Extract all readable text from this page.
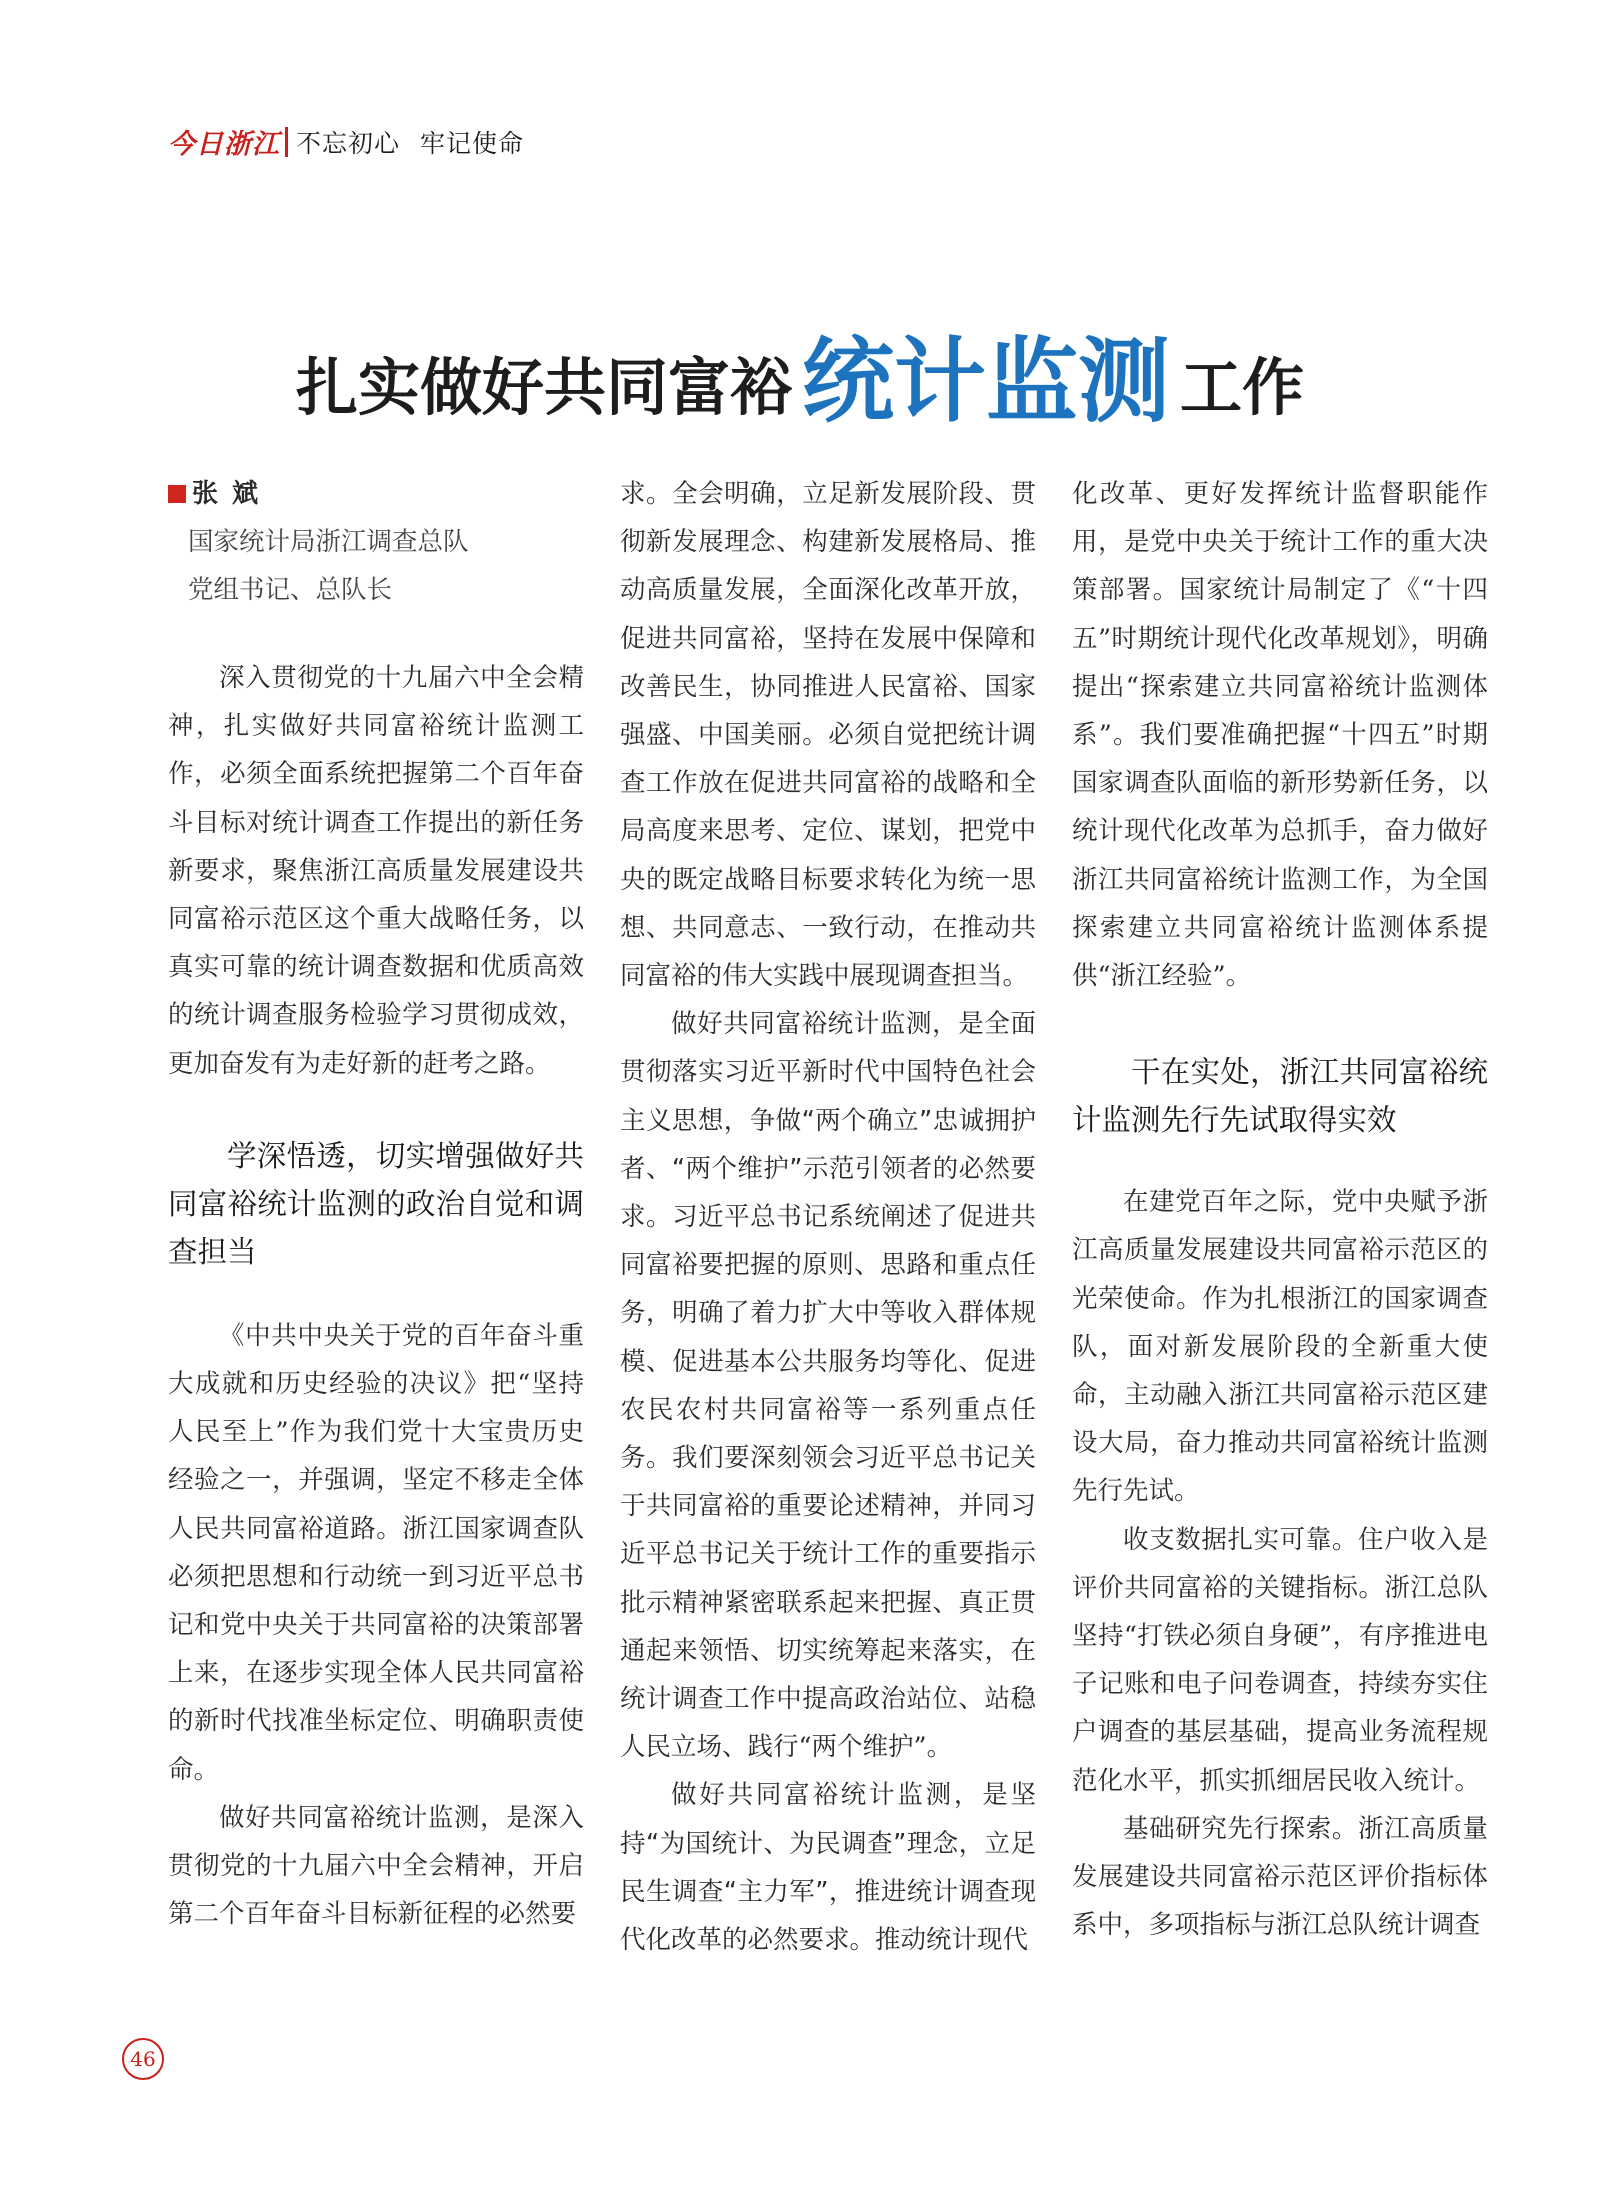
今日浙江 不忘初心 牢记使命
扎实做好共同富裕 统计监测 工作
张斌
国家统计局浙江调查总队
党组书记、总队长

深入贯彻党的十九届六中全会精神，扎实做好共同富裕统计监测工作，必须全面系统把握第二个百年奋斗目标对统计调查工作提出的新任务新要求，聚焦浙江高质量发展建设共同富裕示范区这个重大战略任务，以真实可靠的统计调查数据和优质高效的统计调查服务检验学习贯彻成效，更加奋发有为走好新的赶考之路。

学深悟透，切实增强做好共同富裕统计监测的政治自觉和调查担当

《中共中央关于党的百年奋斗重大成就和历史经验的决议》把“坚持人民至上”作为我们党十大宝贵历史经验之一，并强调，坚定不移走全体人民共同富裕道路。浙江国家调查队必须把思想和行动统一到习近平总书记和党中央关于共同富裕的决策部署上来，在逐步实现全体人民共同富裕的新时代找准坐标定位、明确职责使命。

做好共同富裕统计监测，是深入贯彻党的十九届六中全会精神，开启第二个百年奋斗目标新征程的必然要

求。全会明确，立足新发展阶段、贯彻新发展理念、构建新发展格局、推动高质量发展，全面深化改革开放，促进共同富裕，坚持在发展中保障和改善民生，协同推进人民富裕、国家强盛、中国美丽。必须自觉把统计调查工作放在促进共同富裕的战略和全局高度来思考、定位、谋划，把党中央的既定战略目标要求转化为统一思想、共同意志、一致行动，在推动共同富裕的伟大实践中展现调查担当。

做好共同富裕统计监测，是全面贯彻落实习近平新时代中国特色社会主义思想，争做“两个确立”忠诚拥护者、“两个维护”示范引领者的必然要求。习近平总书记系统阐述了促进共同富裕要把握的原则、思路和重点任务，明确了着力扩大中等收入群体规模、促进基本公共服务均等化、促进农民农村共同富裕等一系列重点任务。我们要深刻领会习近平总书记关于共同富裕的重要论述精神，并同习近平总书记关于统计工作的重要指示批示精神紧密联系起来把握、真正贯通起来领悟、切实统筹起来落实，在统计调查工作中提高政治站位、站稳人民立场、践行“两个维护”。

做好共同富裕统计监测，是坚持“为国统计、为民调查”理念，立足民生调查“主力军”，推进统计调查现代化改革的必然要求。推动统计现代

化改革、更好发挥统计监督职能作用，是党中央关于统计工作的重大决策部署。国家统计局制定了《“十四五”时期统计现代化改革规划》，明确提出“探索建立共同富裕统计监测体系”。我们要准确把握“十四五”时期国家调查队面临的新形势新任务，以统计现代化改革为总抓手，奋力做好浙江共同富裕统计监测工作，为全国探索建立共同富裕统计监测体系提供“浙江经验”。

干在实处，浙江共同富裕统计监测先行先试取得实效

在建党百年之际，党中央赋予浙江高质量发展建设共同富裕示范区的光荣使命。作为扎根浙江的国家调查队，面对新发展阶段的全新重大使命，主动融入浙江共同富裕示范区建设大局，奋力推动共同富裕统计监测先行先试。

收支数据扎实可靠。住户收入是评价共同富裕的关键指标。浙江总队坚持“打铁必须自身硬”，有序推进电子记账和电子问卷调查，持续夯实住户调查的基层基础，提高业务流程规范化水平，抓实抓细居民收入统计。

基础研究先行探索。浙江高质量发展建设共同富裕示范区评价指标体系中，多项指标与浙江总队统计调查

46
